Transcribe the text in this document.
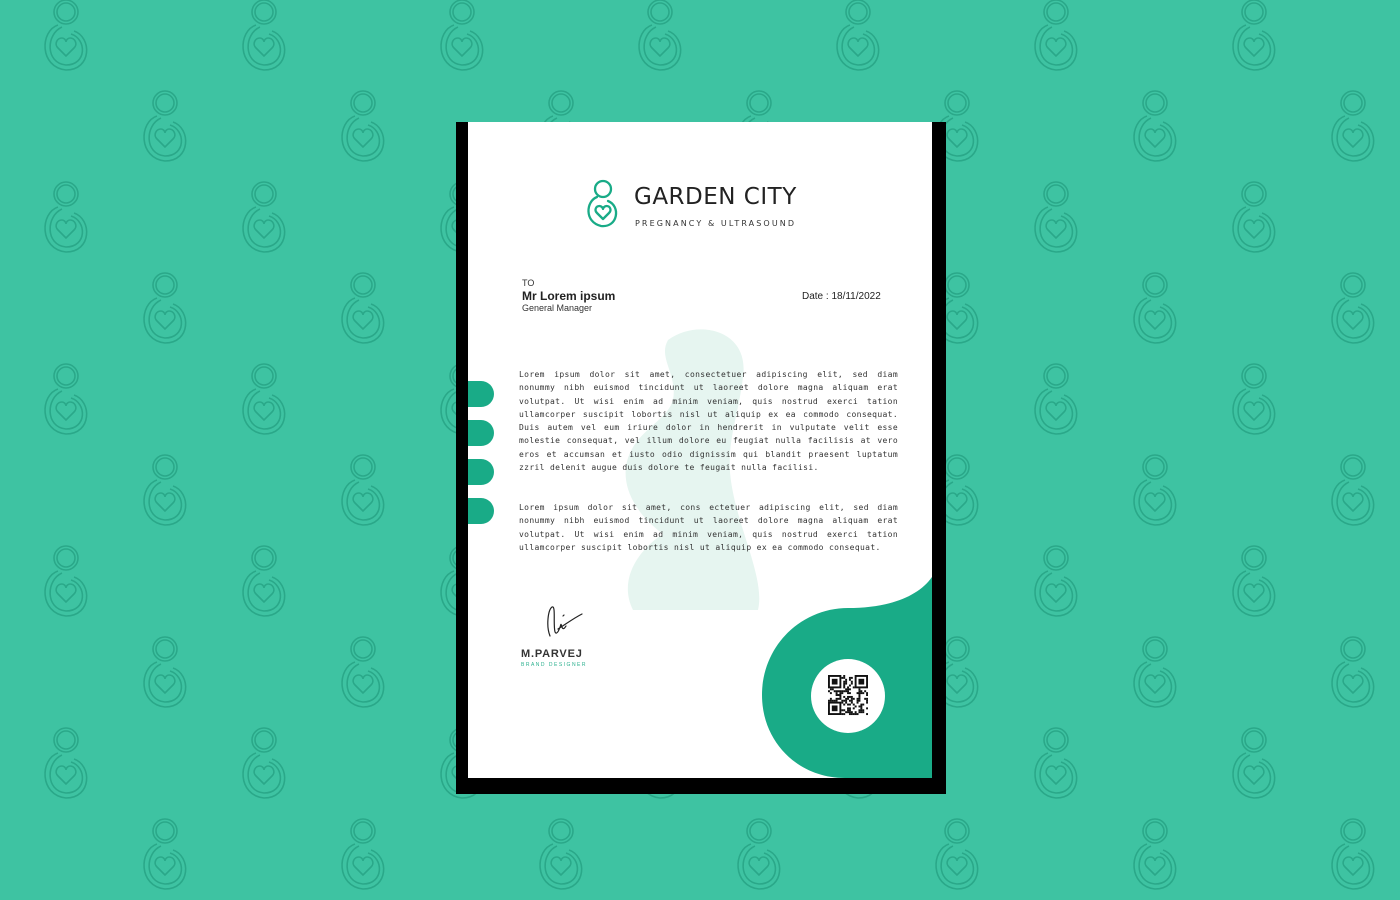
GARDEN CITY
PREGNANCY & ULTRASOUND
TO
Mr Lorem ipsum
General Manager
Date : 18/11/2022

Lorem ipsum dolor sit amet, consectetuer adipiscing elit, sed diam nonummy nibh euismod tincidunt ut laoreet dolore magna aliquam erat volutpat. Ut wisi enim ad minim veniam, quis nostrud exerci tation ullamcorper suscipit lobortis nisl ut aliquip ex ea commodo consequat. Duis autem vel eum iriure dolor in hendrerit in vulputate velit esse molestie consequat, vel illum dolore eu feugiat nulla facilisis at vero eros et accumsan et iusto odio dignissim qui blandit praesent luptatum zzril delenit augue duis dolore te feugait nulla facilisi.

Lorem ipsum dolor sit amet, cons ectetuer adipiscing elit, sed diam nonummy nibh euismod tincidunt ut laoreet dolore magna aliquam erat volutpat. Ut wisi enim ad minim veniam, quis nostrud exerci tation ullamcorper suscipit lobortis nisl ut aliquip ex ea commodo consequat.

M.PARVEJ
BRAND DESIGNER
